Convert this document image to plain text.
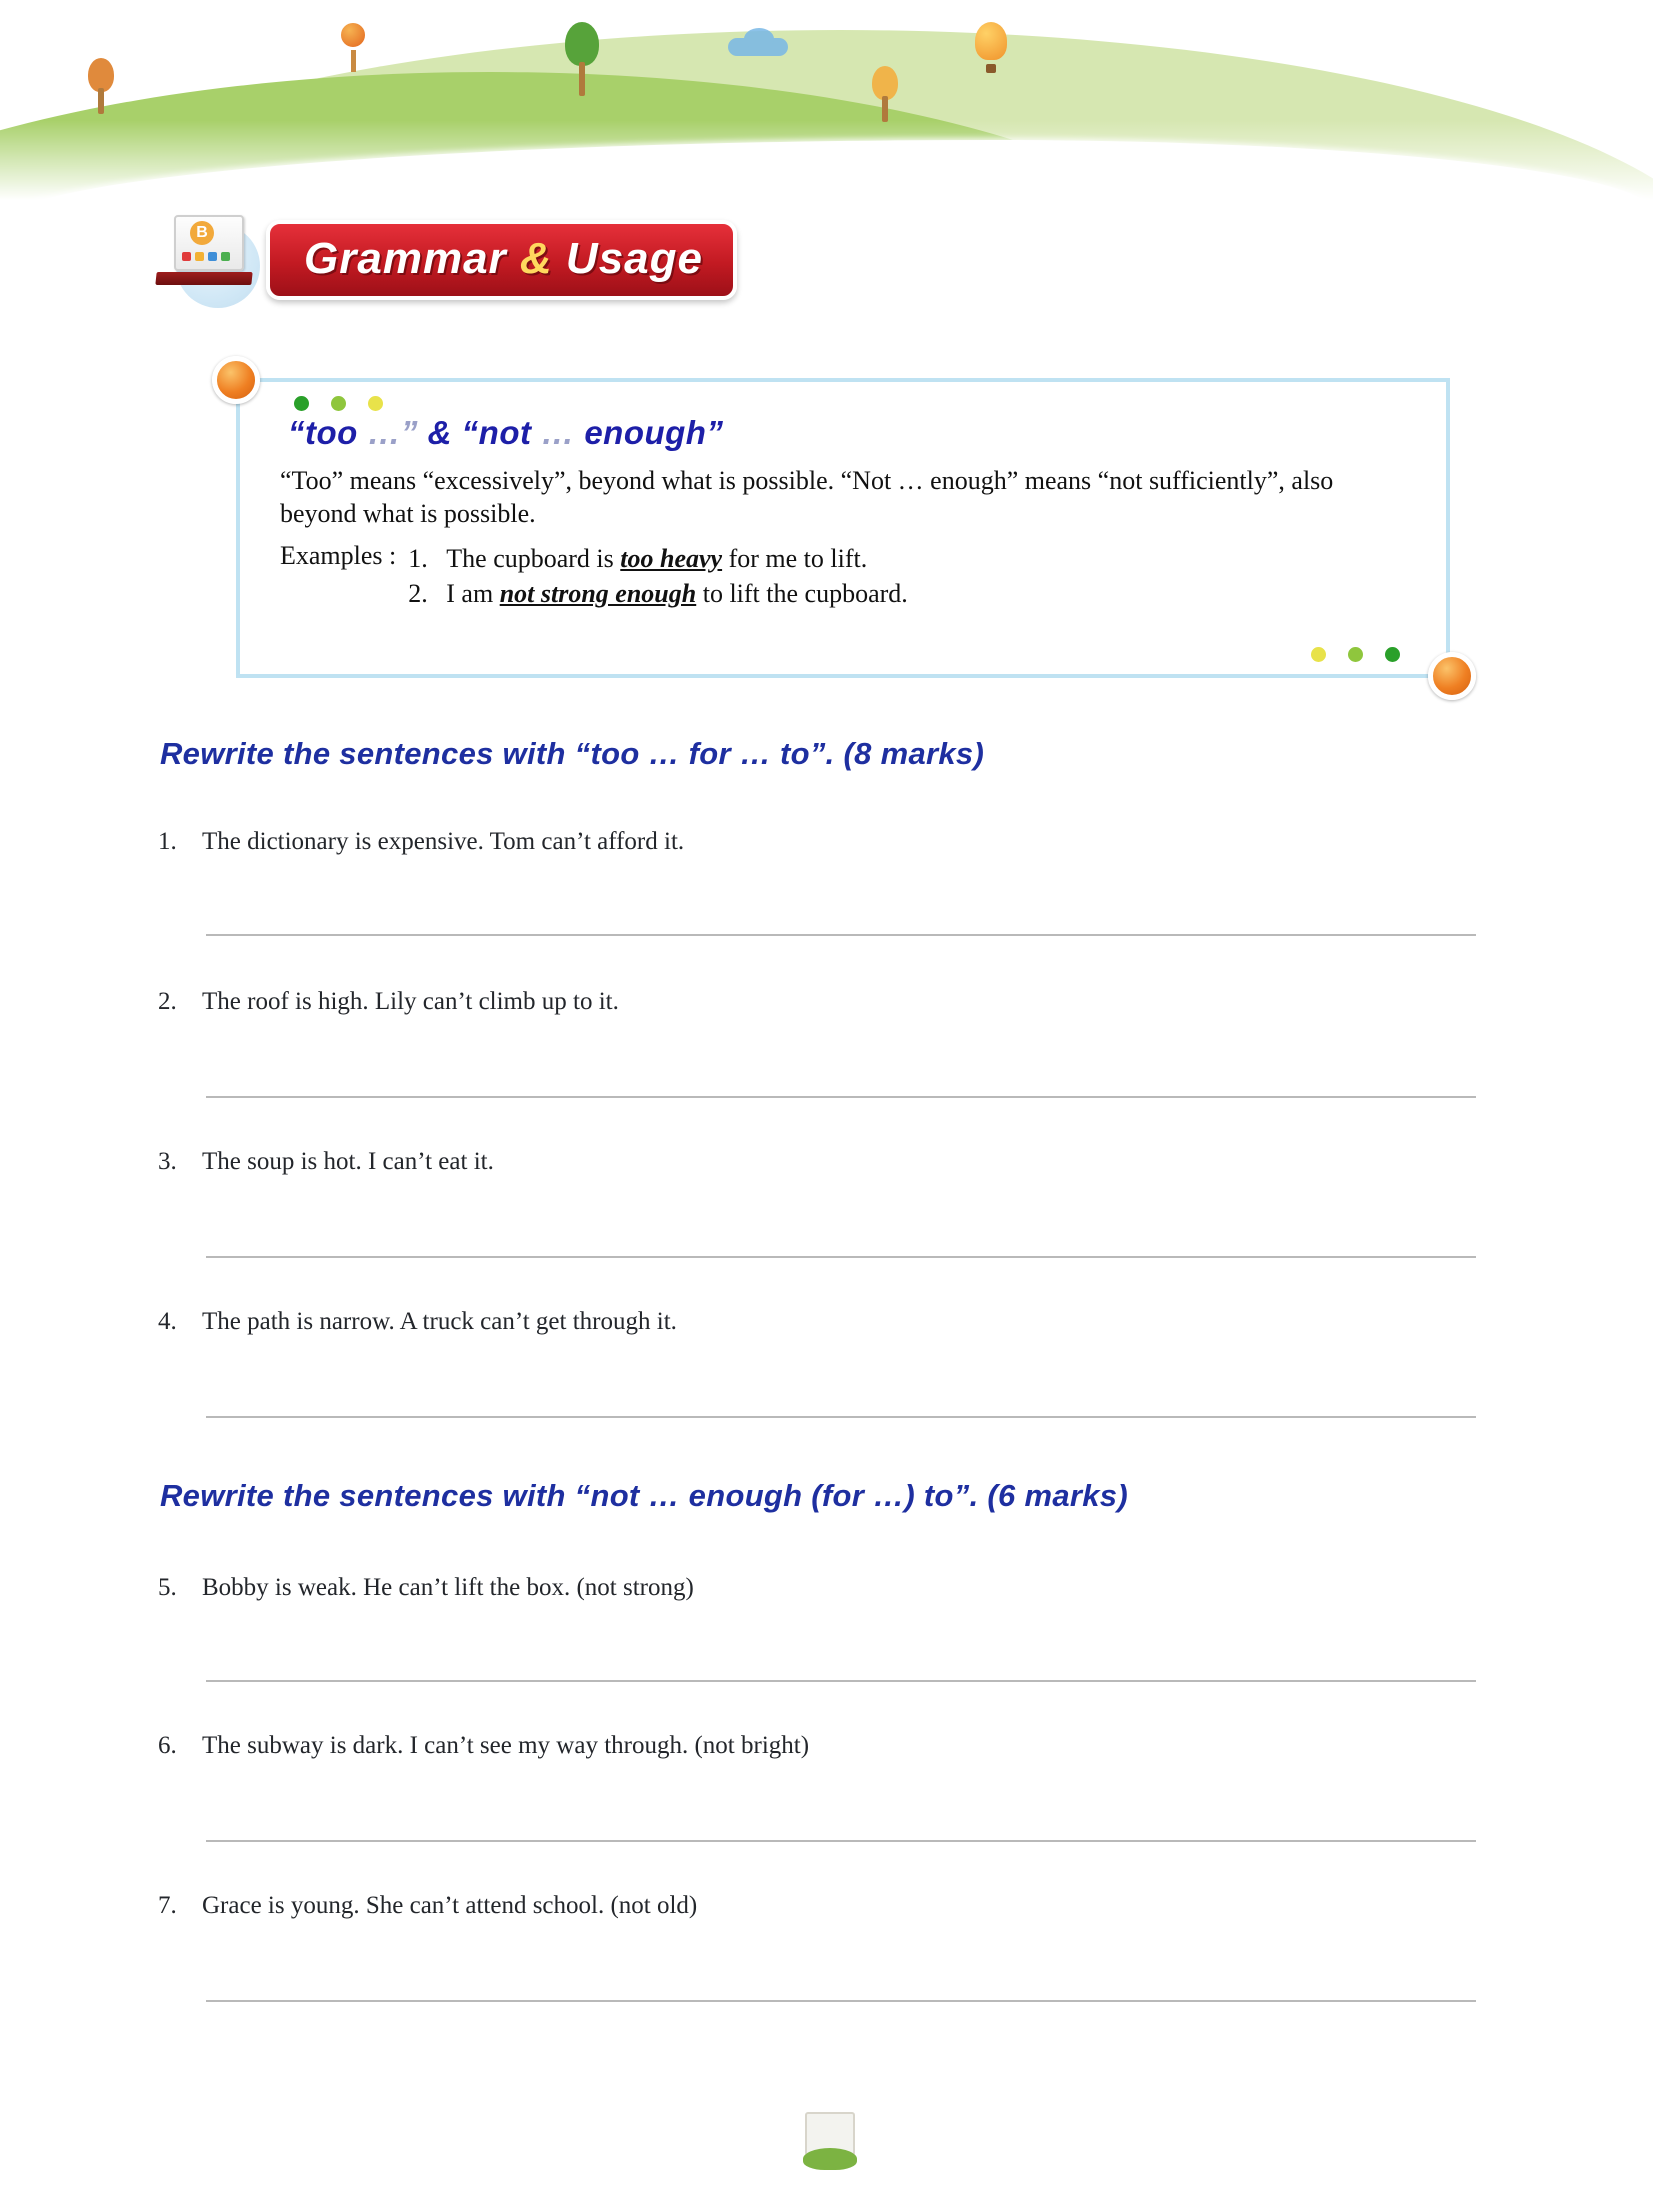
B
Grammar & Usage
“too …” & “not … enough”

“Too” means “excessively”, beyond what is possible. “Not … enough” means “not sufficiently”, also beyond what is possible.

Examples : 1. The cupboard is too heavy for me to lift.
2. I am not strong enough to lift the cupboard.
Rewrite the sentences with “too … for … to”. (8 marks)
1. The dictionary is expensive. Tom can’t afford it.
2. The roof is high. Lily can’t climb up to it.
3. The soup is hot. I can’t eat it.
4. The path is narrow. A truck can’t get through it.
Rewrite the sentences with “not … enough (for …) to”. (6 marks)
5. Bobby is weak. He can’t lift the box. (not strong)
6. The subway is dark. I can’t see my way through. (not bright)
7. Grace is young. She can’t attend school. (not old)
